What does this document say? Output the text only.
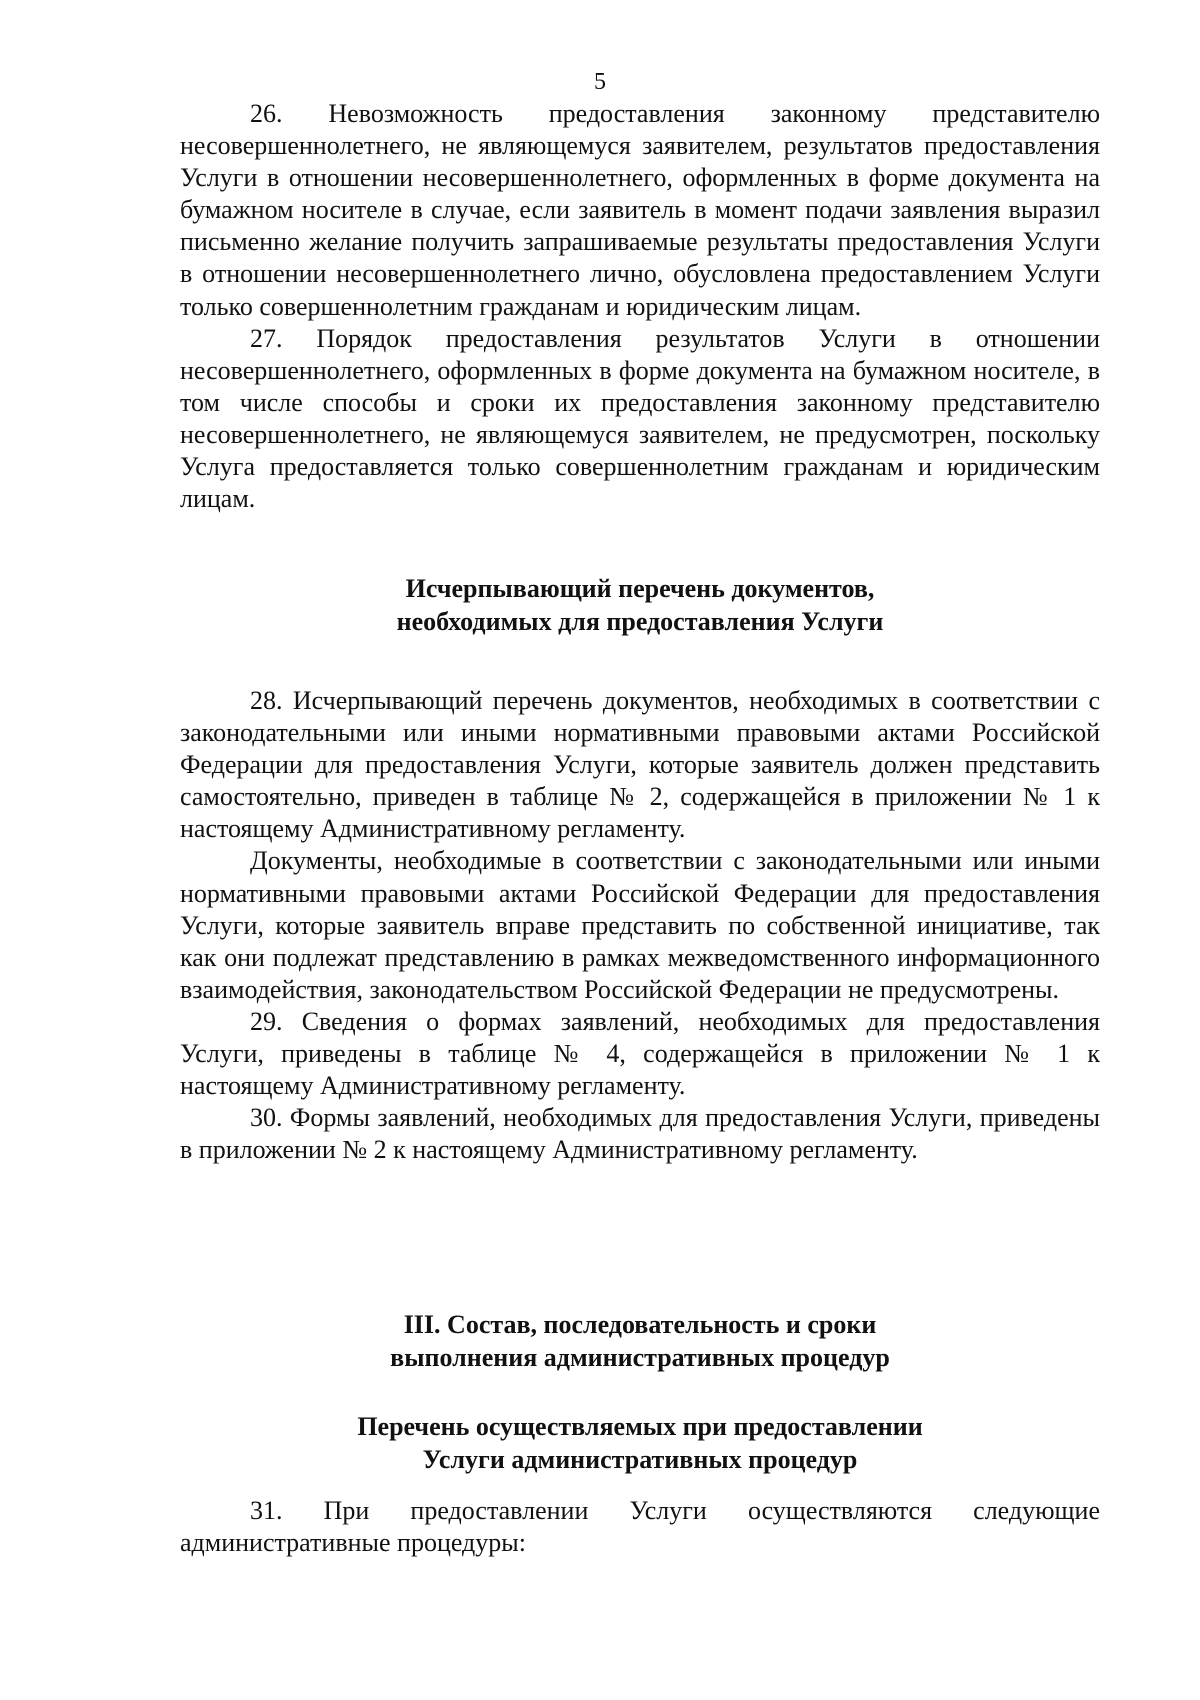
5

26. Невозможность предоставления законному представителю несовершеннолетнего, не являющемуся заявителем, результатов предоставления Услуги в отношении несовершеннолетнего, оформленных в форме документа на бумажном носителе в случае, если заявитель в момент подачи заявления выразил письменно желание получить запрашиваемые результаты предоставления Услуги в отношении несовершеннолетнего лично, обусловлена предоставлением Услуги только совершеннолетним гражданам и юридическим лицам.

27. Порядок предоставления результатов Услуги в отношении несовершеннолетнего, оформленных в форме документа на бумажном носителе, в том числе способы и сроки их предоставления законному представителю несовершеннолетнего, не являющемуся заявителем, не предусмотрен, поскольку Услуга предоставляется только совершеннолетним гражданам и юридическим лицам.

Исчерпывающий перечень документов,
необходимых для предоставления Услуги

28. Исчерпывающий перечень документов, необходимых в соответствии с законодательными или иными нормативными правовыми актами Российской Федерации для предоставления Услуги, которые заявитель должен представить самостоятельно, приведен в таблице № 2, содержащейся в приложении № 1 к настоящему Административному регламенту.

Документы, необходимые в соответствии с законодательными или иными нормативными правовыми актами Российской Федерации для предоставления Услуги, которые заявитель вправе представить по собственной инициативе, так как они подлежат представлению в рамках межведомственного информационного взаимодействия, законодательством Российской Федерации не предусмотрены.

29. Сведения о формах заявлений, необходимых для предоставления Услуги, приведены в таблице № 4, содержащейся в приложении № 1 к настоящему Административному регламенту.

30. Формы заявлений, необходимых для предоставления Услуги, приведены в приложении № 2 к настоящему Административному регламенту.

III. Состав, последовательность и сроки
выполнения административных процедур
Перечень осуществляемых при предоставлении
Услуги административных процедур

31. При предоставлении Услуги осуществляются следующие административные процедуры:
